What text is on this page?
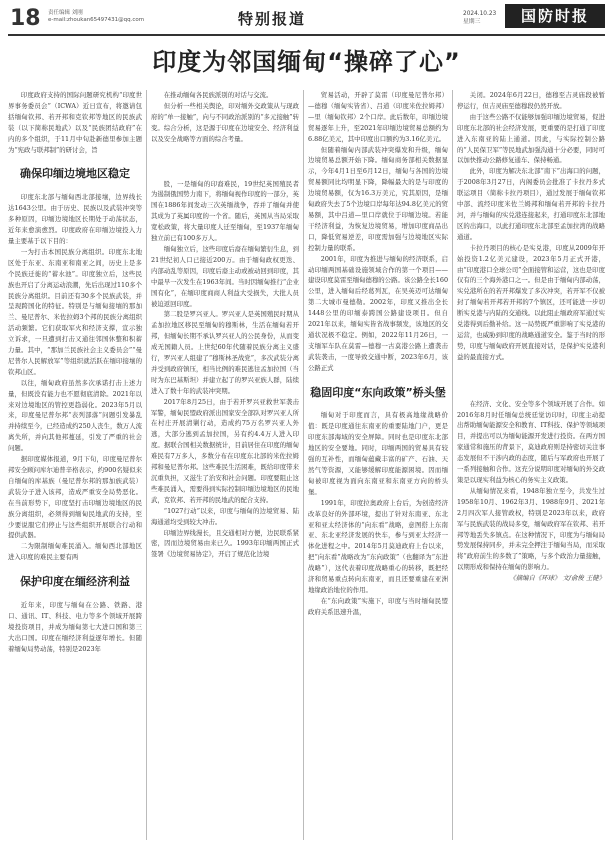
18 责任编辑 刘刚
e-mail:zhoukan65497431@qq.com	特别报道	2024.10.23
星期三	国防时报
印度为邻国缅甸“操碎了心”

印度政府支持的国际问题研究机构“印度世界事务委员会”（ICWA）近日宣布，将邀请包括缅甸钦邦、若开邦和克钦邦等地区的民族武装（以下简称民地武）以及“民族团结政府”在内的多个组织，于11月中旬赴新德里参加主题为“宪政与联邦制”的研讨会，旨

确保印缅边境地区稳定

印度东北部与缅甸西北部接壤，边界线长达1643公里。由于历史、民族以及武装冲突等多种原因，印缅边境地区长期处于动荡状态，近年来愈演愈烈。印度政府在印缅边境投入力量主要基于以下目的：

一为打击本国民族分离组织。印度东北地区处于东亚、东南亚和南亚之间，历史上是多个民族迁徙的“蓄水池”。印度独立后，这些民族也开启了分离运动浪潮，先后出现过110多个民族分离组织。目前还有30多个民族武装，并呈现跨国化的特征。特别是与缅甸接壤的那加兰、曼尼普尔、米佐拉姆3个邦的民族分离组织活动频繁。它们获取军火和经济支撑，宣示独立诉求，一旦遭到打击又通往邻国休整和积蓄力量。其中，“那加兰民族社会主义委员会”“曼尼普尔人民解放军”等组织就活跃在缅印接壤的钦邦山区。

以往，缅甸政府虽然多次承诺打击上述力量，但既没有能力也不愿彻底清除。2021年以来对边境地区的管控更趋弱化。2023年5月以来，印度曼尼普尔邦“表列部落”问题引发暴乱并持续至今，已经造成约250人丧生，数万人流离失所，并向其他邦蔓延，引发了严重的社会问题。

据印度媒体报道，9月下旬，印度曼尼普尔邦安全顾问库尔迪普辛格表示，约900名疑似来自缅甸的库基族（曼尼普尔邦的那加族武装）武装分子进入该邦，造成严重安全局势恶化。在当前形势下，印度坚打击印缅边境地区的民族分离组织，必须得到缅甸民地武的支持，至少要说服它们停止与这些组织开展联合行动和提供武器。

二为限制缅甸难民涌入。缅甸西北部地区进入印度的难民主要有两

保护印度在缅经济利益

近年来，印度与缅甸在公路、铁路、港口、通讯、IT、科技、电力等多个领域开展跨境投资项目，并成为缅甸第七大进口国和第三大出口国。印度在缅经济利益逐年增长。但随着缅甸局势动荡，特别是2023年

在推动缅甸各民族派别的对话与交流。

但分析一些相关舆论，印对缅外交政策从与现政府的“单一接触”，向与不同政治派别的“多元接触”转变。综合分析，这是源于印度在边境安全、经济利益以及安全战略等方面的综合考量。

股，一是缅甸的印裔难民，19世纪英国殖民者为遏制俄国势力南下，将缅甸视作印度的一部分，英国在1886年间发动三次英缅战争，吞并了缅甸并使其成为了英属印度的一个省。随后，英国从当局采取宽松政策，将大量印度人迁至缅甸，至1937年缅甸独立前已有100多万人。

缅甸独立后，这些印度后裔在缅甸繁衍生息，到21世纪初人口已接近200万。由于缅甸政权更迭、内部动乱等原因，印度后裔主动或被动回到印度，其中最早一次发生在1963年间。当时因缅甸推行“企业国有化”，在缅印度商商人利益大受损失，大批人员被迫返回印度。

第二股是罗兴亚人。罗兴亚人是英国殖民时期从孟加拉地区移民至缅甸的穆斯林，生活在缅甸若开邦，但缅甸长期不承认罗兴亚人的公民身份，从而变成无国籍人员。上世纪60年代随着民族分离主义盛行，罗兴亚人组建了“穆斯林圣战党”，多次武装分离并受到政府镇压，相当比例的难民逃往孟加拉国（当时为东巴基斯坦）并建立起了的罗兴亚族人群，陆续进入了数十年的武装冲突期。

2017年8月25日，由于若开罗兴亚救世军袭击军警，缅甸民盟政府派出国家安全部队对罗兴亚人所在村庄开展清剿行动，造成约75万名罗兴亚人外逃，大部分逃到孟加拉国，另有约4.4万人进入印度。据联合国相关数据统计，目前居住在印度的缅甸难民有7万多人，多数分布在印度东北部的米佐拉姆邦和曼尼普尔邦。这些难民生活困难，既给印度带来沉重负担，又滋生了治安和社会问题。印度要阻止这些难民涌入，需要得到实际控制印缅边境地区的民地武，克钦邦、若开邦的民地武的配合支持。

“1027行动”以来，印度与缅甸的边境贸易、陆海通道均受到较大冲击。

印缅边界线漫长，且交通相对方便，边民联系紧密，因而边境贸易由来已久。1993年印缅两国正式签署《边境贸易协定》，开启了规范化边境

贸易活动，开辟了莫雷（印度曼尼普尔邦）—德穆（缅甸实皆省）、吕道（印度米佐拉姆邦）—里（缅甸钦邦）2个口岸。此后数年，印缅边境贸易逐年上升，至2021年印缅边境贸易总额约为6.88亿美元，其中印度出口额约为3.16亿美元。

但随着缅甸内部武装冲突爆发和升级，缅甸边境贸易总额开始下降。缅甸商务部相关数据显示，今年4月1日至6月12日，缅甸与各国的边境贸易额同比均明显下降，降幅最大的是与印度的边境贸易额，仅为16.3万美元，究其原因，是缅甸政府失去了5个边境口岸每年达94.8亿美元的贸易额，其中吕道—里口岸就位于印缅边境。若能干经济利益，为恢复边境贸易，增加印度商品出口，降低贸易逆差，印度需加强与边境地区实际控制力量的联系。

2001年，印度为推进与缅甸的经济联系，启动印缅两国基础设施领域合作的第一个项目——建设印度莫雷至缅甸德穆的公路。该公路全长160公里，进入缅甸后经葛列瓦，在吴英迈可达缅甸第二大城市曼德勒。2002年，印度又推出全长1448公里的印缅泰跨国公路建设项目。但自2021年以来，缅甸实皆省战事频发，该地区的交通状况极不稳定。例如，2022年11月26日，一支缅军车队在莫雷—德穆一古莫港公路上遭袭击武装袭击，一度导致交通中断，2023年6月，该公路正式

稳固印度“东向政策”桥头堡

缅甸对于印度而言，具有极高地缘战略价值：既是印度通往东南亚的重要陆地门户，更是印度东部海域的安全屏障。同时也是印度东北部地区的安全要地。同时，印缅两国的贸易具有较强的互补性，而缅甸蕴藏丰富的矿产、石油、天然气等资源，又能够缓解印度能源困境。因而缅甸被印度视为面向东南亚和东南亚方向的桥头堡。

1991年，印度拉奥政府上台后，为创造经济改革良好的外部环境，提出了针对东南亚、东北亚和亚太经济体的“向东看”战略，意图搭上东南亚、东北亚经济发展的快车，参与到亚太经济一体化进程之中。2014年5月莫迪政府上台以来，把“向东看”战略改为“东向政策”（也翻译为“东进战略”），这代表着印度战略重心的转移，既把经济和贸易重点转向东南亚，而且还要重建在亚洲地缘政治地位的作用。

在“东向政策”实施下，印度与当时缅甸民盟政府关系迅速升温，

关闭。2024年6月22日，德穆至吉灵庙段被暂停运行，但吉灵庙至德穆段仍然开放。

由于这些公路不仅能够加强印缅边境贸易，促进印度东北部的社会经济发展，更重要的是打通了印度进入东南亚的陆上通道。因此，与实际控制公路的“人民保卫军”等民地武加强沟通十分必要，同时可以加快推动公路修复通车、保持畅通。

此外，印度为解决东北部“南下”出海口的问题，于2008年3月27日，内阁委员会批准了卡拉丹多式联运项目（简称卡拉丹项目），通过发展于缅甸钦邦中部、流经印度米佐兰姆邦和缅甸若开邦的卡拉丹河，并与缅甸的实兑港连接起来，打通印度东北部地区的出海口，以此打通印度东北部至孟加拉湾的战略通道。

卡拉丹项目的核心是实兑港，印度从2009年开始投资1.2亿美元建设，2023年5月正式开港，由“印度港口全球公司”全面接管和运营，这也是印度仅有的三个海外港口之一。但是由于缅甸内部动荡，实兑港所在的若开邦爆发了多次冲突，若开军不仅被封了缅甸若开邦若开邦的7个镇区，还可能进一步切断实兑港与内陆的交通线。以此阻止缅政府军通过实兑港得到后勤补给。这一局势既严重影响了实兑港的运营，也威胁到印度的战略通道安全。鉴于当时的形势，印度与缅甸政府开展直接对话，是保护实兑港利益的最直接方式。

在经济、文化、安全等多个领域开展了合作。如2016年8月时任缅甸总统廷觉访印时，印度主动提出帮助缅甸能源安全和教育、IT科技、保护等领域项目，并提出可以为缅甸能源开发进行投资。在两方国家通常和施压的背景下，莫迪政府则是持密切关注事态发展但不干涉内政的态度，随后与军政府也开展了一系列接触和合作。这充分说明印度对缅甸的外交政策是以现实利益为核心的务实主义政策。

从缅甸情况来看，1948年独立至今，共发生过1958年10月、1962年3月、1988年9月、2021年2月四次军人接管政权，特别是2023年以来，政府军与民族武装的战局多变，缅甸政府军在钦邦、若开邦等地丢失多镇点。在这种情况下，印度为与缅甸局势发展保持同步，并未完全押注于缅甸当局，而采取将“政府前生的多数了”策略，与多个政治力量接触，以期形成和保持在缅甸的影响力。

《摘编自《环球》 文/俞俊 王健》
